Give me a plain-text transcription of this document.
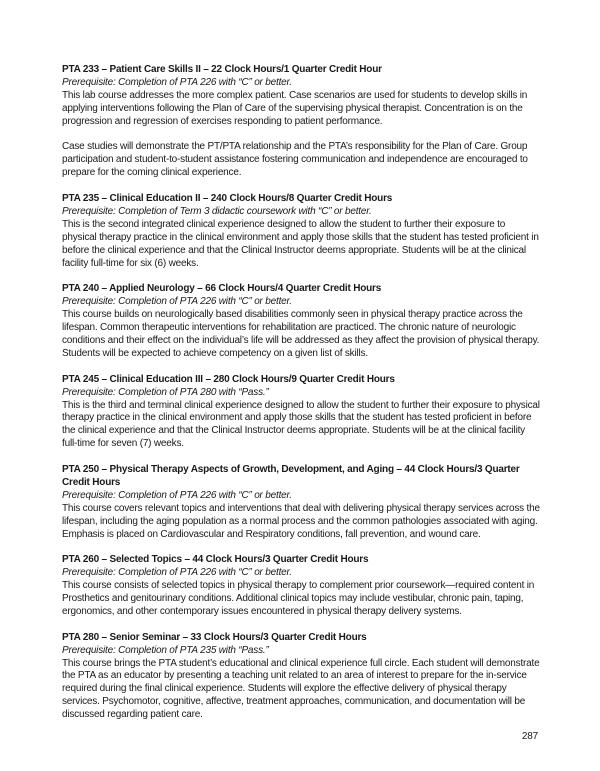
PTA 233 – Patient Care Skills II – 22 Clock Hours/1 Quarter Credit Hour

Prerequisite: Completion of PTA 226 with “C” or better.

This lab course addresses the more complex patient. Case scenarios are used for students to develop skills in applying interventions following the Plan of Care of the supervising physical therapist. Concentration is on the progression and regression of exercises responding to patient performance.

Case studies will demonstrate the PT/PTA relationship and the PTA’s responsibility for the Plan of Care. Group participation and student-to-student assistance fostering communication and independence are encouraged to prepare for the coming clinical experience.

PTA 235 – Clinical Education II – 240 Clock Hours/8 Quarter Credit Hours

Prerequisite: Completion of Term 3 didactic coursework with “C” or better.

This is the second integrated clinical experience designed to allow the student to further their exposure to physical therapy practice in the clinical environment and apply those skills that the student has tested proficient in before the clinical experience and that the Clinical Instructor deems appropriate. Students will be at the clinical facility full-time for six (6) weeks.

PTA 240 – Applied Neurology – 66 Clock Hours/4 Quarter Credit Hours

Prerequisite: Completion of PTA 226 with “C” or better.

This course builds on neurologically based disabilities commonly seen in physical therapy practice across the lifespan. Common therapeutic interventions for rehabilitation are practiced. The chronic nature of neurologic conditions and their effect on the individual’s life will be addressed as they affect the provision of physical therapy. Students will be expected to achieve competency on a given list of skills.

PTA 245 – Clinical Education III – 280 Clock Hours/9 Quarter Credit Hours

Prerequisite: Completion of PTA 280 with “Pass.”

This is the third and terminal clinical experience designed to allow the student to further their exposure to physical therapy practice in the clinical environment and apply those skills that the student has tested proficient in before the clinical experience and that the Clinical Instructor deems appropriate. Students will be at the clinical facility full-time for seven (7) weeks.

PTA 250 – Physical Therapy Aspects of Growth, Development, and Aging – 44 Clock Hours/3 Quarter Credit Hours

Prerequisite: Completion of PTA 226 with “C” or better.

This course covers relevant topics and interventions that deal with delivering physical therapy services across the lifespan, including the aging population as a normal process and the common pathologies associated with aging. Emphasis is placed on Cardiovascular and Respiratory conditions, fall prevention, and wound care.

PTA 260 – Selected Topics – 44 Clock Hours/3 Quarter Credit Hours

Prerequisite: Completion of PTA 226 with “C” or better.

This course consists of selected topics in physical therapy to complement prior coursework—required content in Prosthetics and genitourinary conditions. Additional clinical topics may include vestibular, chronic pain, taping, ergonomics, and other contemporary issues encountered in physical therapy delivery systems.

PTA 280 – Senior Seminar – 33 Clock Hours/3 Quarter Credit Hours

Prerequisite: Completion of PTA 235 with “Pass.”

This course brings the PTA student’s educational and clinical experience full circle. Each student will demonstrate the PTA as an educator by presenting a teaching unit related to an area of interest to prepare for the in-service required during the final clinical experience. Students will explore the effective delivery of physical therapy services. Psychomotor, cognitive, affective, treatment approaches, communication, and documentation will be discussed regarding patient care.

287
